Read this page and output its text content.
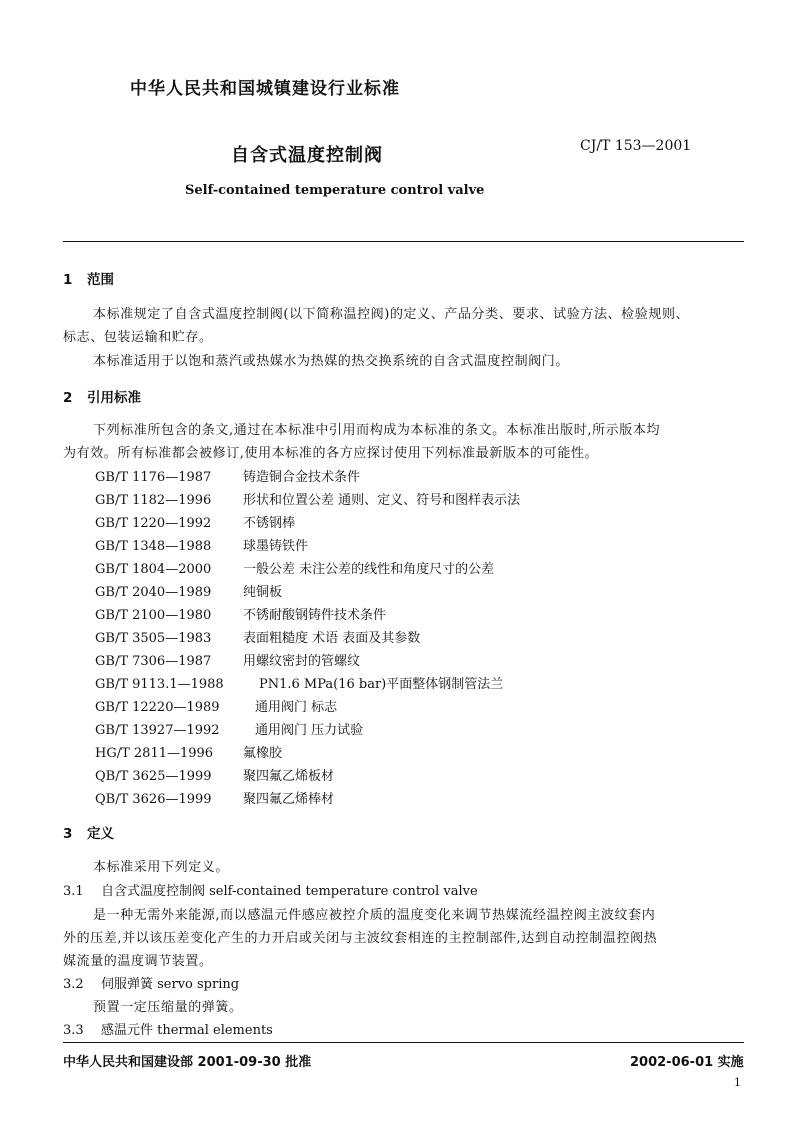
中华人民共和国城镇建设行业标准
自含式温度控制阀	CJ/T 153—2001
Self-contained temperature control valve
1 范围
本标准规定了自含式温度控制阀(以下简称温控阀)的定义、产品分类、要求、试验方法、检验规则、
标志、包装运输和贮存。
本标准适用于以饱和蒸汽或热媒水为热媒的热交换系统的自含式温度控制阀门。
2 引用标准
下列标准所包含的条文,通过在本标准中引用而构成为本标准的条文。本标准出版时,所示版本均
为有效。所有标准都会被修订,使用本标准的各方应探讨使用下列标准最新版本的可能性。
GB/T 1176—1987 铸造铜合金技术条件
GB/T 1182—1996 形状和位置公差 通则、定义、符号和图样表示法
GB/T 1220—1992 不锈钢棒
GB/T 1348—1988 球墨铸铁件
GB/T 1804—2000 一般公差 未注公差的线性和角度尺寸的公差
GB/T 2040—1989 纯铜板
GB/T 2100—1980 不锈耐酸钢铸件技术条件
GB/T 3505—1983 表面粗糙度 术语 表面及其参数
GB/T 7306—1987 用螺纹密封的管螺纹
GB/T 9113.1—1988	PN1.6 MPa(16 bar)平面整体钢制管法兰
GB/T 12220—1989	通用阀门 标志
GB/T 13927—1992	通用阀门 压力试验
HG/T 2811—1996 氟橡胶
QB/T 3625—1999 聚四氟乙烯板材
QB/T 3626—1999 聚四氟乙烯棒材
3 定义
本标准采用下列定义。
3.1 自含式温度控制阀 self-contained temperature control valve
是一种无需外来能源,而以感温元件感应被控介质的温度变化来调节热媒流经温控阀主波纹套内
外的压差,并以该压差变化产生的力开启或关闭与主波纹套相连的主控制部件,达到自动控制温控阀热
媒流量的温度调节装置。
3.2 伺服弹簧 servo spring
预置一定压缩量的弹簧。
3.3 感温元件 thermal elements
中华人民共和国建设部 2001-09-30 批准	2002-06-01 实施
1
